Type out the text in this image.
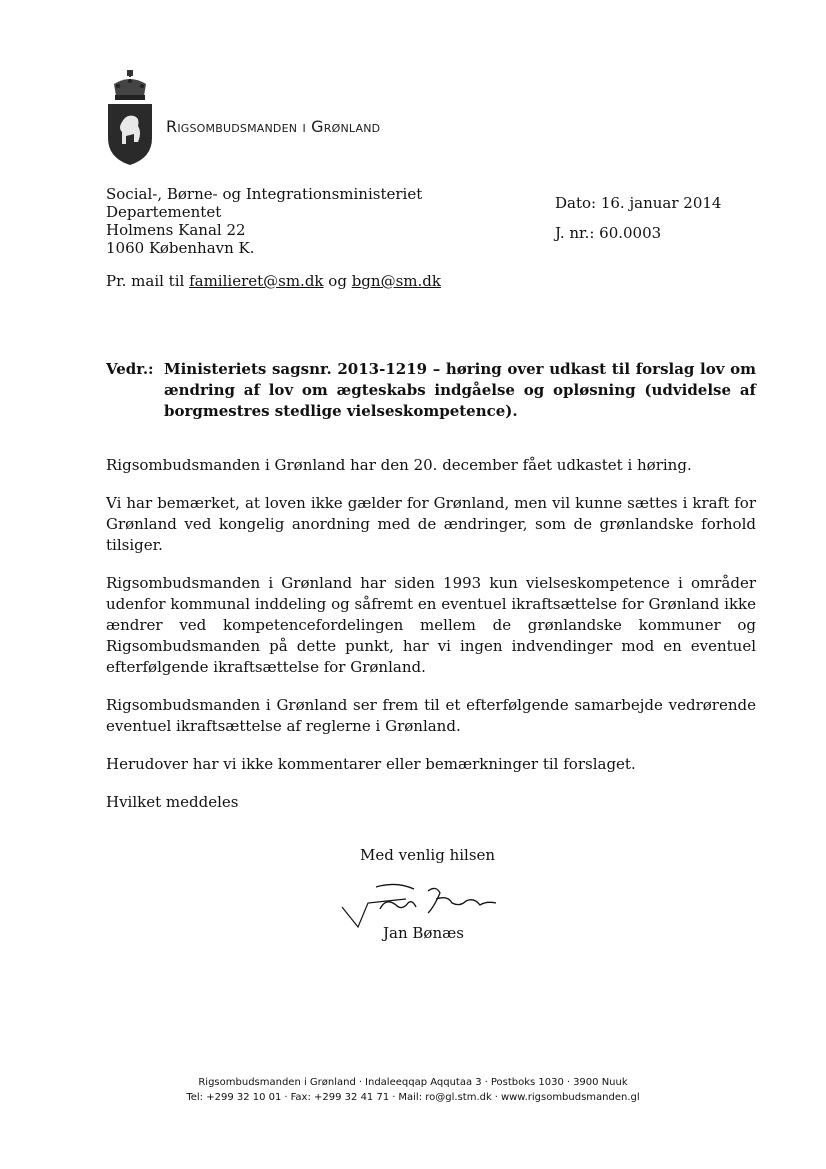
Rigsombudsmanden i Grønland
Social-, Børne- og Integrationsministeriet
Departementet
Holmens Kanal 22
1060 København K.
Dato: 16. januar 2014
J. nr.: 60.0003
Pr. mail til familieret@sm.dk og bgn@sm.dk
Vedr.: Ministeriets sagsnr. 2013-1219 – høring over udkast til forslag lov om ændring af lov om ægteskabs indgåelse og opløsning (udvidelse af borgmestres stedlige vielseskompetence).

Rigsombudsmanden i Grønland har den 20. december fået udkastet i høring.

Vi har bemærket, at loven ikke gælder for Grønland, men vil kunne sættes i kraft for Grønland ved kongelig anordning med de ændringer, som de grønlandske forhold tilsiger.

Rigsombudsmanden i Grønland har siden 1993 kun vielseskompetence i områder udenfor kommunal inddeling og såfremt en eventuel ikraftsættelse for Grønland ikke ændrer ved kompetencefordelingen mellem de grønlandske kommuner og Rigsombudsmanden på dette punkt, har vi ingen indvendinger mod en eventuel efterfølgende ikraftsættelse for Grønland.

Rigsombudsmanden i Grønland ser frem til et efterfølgende samarbejde vedrørende eventuel ikraftsættelse af reglerne i Grønland.

Herudover har vi ikke kommentarer eller bemærkninger til forslaget.

Hvilket meddeles

Med venlig hilsen
Jan Bønæs
Rigsombudsmanden i Grønland · Indaleeqqap Aqqutaa 3 · Postboks 1030 · 3900 Nuuk
Tel: +299 32 10 01 · Fax: +299 32 41 71 · Mail: ro@gl.stm.dk · www.rigsombudsmanden.gl
